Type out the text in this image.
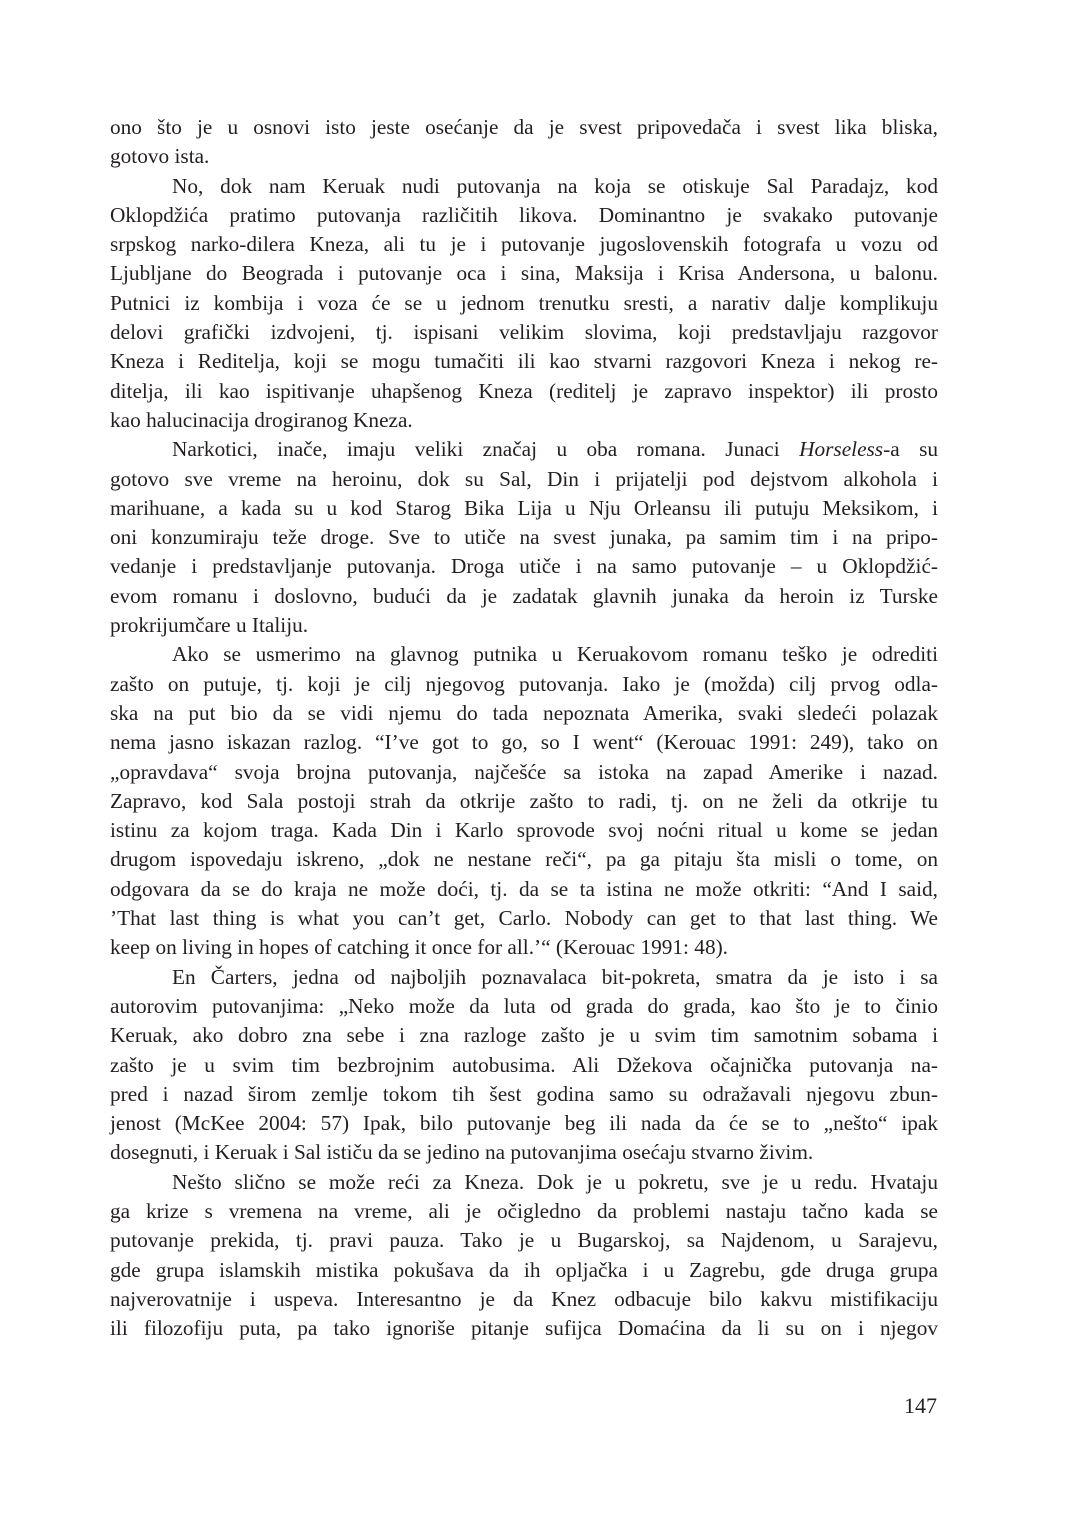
ono što je u osnovi isto jeste osećanje da je svest pripovedača i svest lika bliska,
gotovo ista.
No, dok nam Keruak nudi putovanja na koja se otiskuje Sal Paradajz, kod
Oklopdžića pratimo putovanja različitih likova. Dominantno je svakako putovanje
srpskog narko-dilera Kneza, ali tu je i putovanje jugoslovenskih fotografa u vozu od
Ljubljane do Beograda i putovanje oca i sina, Maksija i Krisa Andersona, u balonu.
Putnici iz kombija i voza će se u jednom trenutku sresti, a narativ dalje komplikuju
delovi grafički izdvojeni, tj. ispisani velikim slovima, koji predstavljaju razgovor
Kneza i Reditelja, koji se mogu tumačiti ili kao stvarni razgovori Kneza i nekog re-
ditelja, ili kao ispitivanje uhapšenog Kneza (reditelj je zapravo inspektor) ili prosto
kao halucinacija drogiranog Kneza.
Narkotici, inače, imaju veliki značaj u oba romana. Junaci Horseless-a su
gotovo sve vreme na heroinu, dok su Sal, Din i prijatelji pod dejstvom alkohola i
marihuane, a kada su u kod Starog Bika Lija u Nju Orleansu ili putuju Meksikom, i
oni konzumiraju teže droge. Sve to utiče na svest junaka, pa samim tim i na pripo-
vedanje i predstavljanje putovanja. Droga utiče i na samo putovanje – u Oklopdžić-
evom romanu i doslovno, budući da je zadatak glavnih junaka da heroin iz Turske
prokrijumčare u Italiju.
Ako se usmerimo na glavnog putnika u Keruakovom romanu teško je odrediti
zašto on putuje, tj. koji je cilj njegovog putovanja. Iako je (možda) cilj prvog odla-
ska na put bio da se vidi njemu do tada nepoznata Amerika, svaki sledeći polazak
nema jasno iskazan razlog. “I’ve got to go, so I went“ (Kerouac 1991: 249), tako on
„opravdava“ svoja brojna putovanja, najčešće sa istoka na zapad Amerike i nazad.
Zapravo, kod Sala postoji strah da otkrije zašto to radi, tj. on ne želi da otkrije tu
istinu za kojom traga. Kada Din i Karlo sprovode svoj noćni ritual u kome se jedan
drugom ispovedaju iskreno, „dok ne nestane reči“, pa ga pitaju šta misli o tome, on
odgovara da se do kraja ne može doći, tj. da se ta istina ne može otkriti: “And I said,
’That last thing is what you can’t get, Carlo. Nobody can get to that last thing. We
keep on living in hopes of catching it once for all.’“ (Kerouac 1991: 48).
En Čarters, jedna od najboljih poznavalaca bit-pokreta, smatra da je isto i sa
autorovim putovanjima: „Neko može da luta od grada do grada, kao što je to činio
Keruak, ako dobro zna sebe i zna razloge zašto je u svim tim samotnim sobama i
zašto je u svim tim bezbrojnim autobusima. Ali Džekova očajnička putovanja na-
pred i nazad širom zemlje tokom tih šest godina samo su odražavali njegovu zbun-
jenost (McKee 2004: 57) Ipak, bilo putovanje beg ili nada da će se to „nešto“ ipak
dosegnuti, i Keruak i Sal ističu da se jedino na putovanjima osećaju stvarno živim.
Nešto slično se može reći za Kneza. Dok je u pokretu, sve je u redu. Hvataju
ga krize s vremena na vreme, ali je očigledno da problemi nastaju tačno kada se
putovanje prekida, tj. pravi pauza. Tako je u Bugarskoj, sa Najdenom, u Sarajevu,
gde grupa islamskih mistika pokušava da ih opljačka i u Zagrebu, gde druga grupa
najverovatnije i uspeva. Interesantno je da Knez odbacuje bilo kakvu mistifikaciju
ili filozofiju puta, pa tako ignoriše pitanje sufijca Domaćina da li su on i njegov
147
